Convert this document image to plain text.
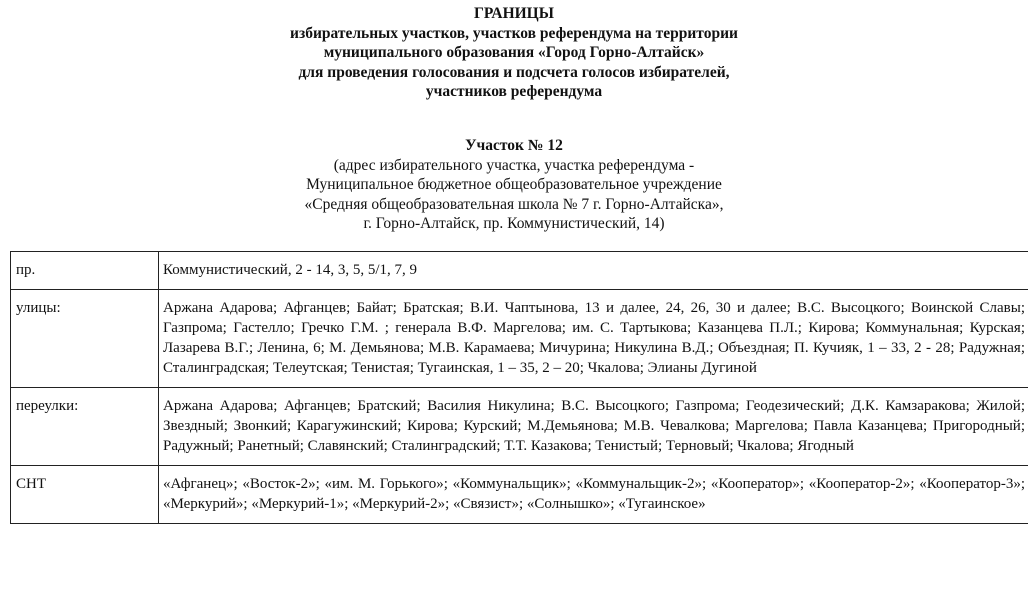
ГРАНИЦЫ
избирательных участков, участков референдума на территории
муниципального образования «Город Горно-Алтайск»
для проведения голосования и подсчета голосов избирателей,
участников референдума
Участок № 12
(адрес избирательного участка, участка референдума -
Муниципальное бюджетное общеобразовательное учреждение
«Средняя общеобразовательная школа № 7 г. Горно-Алтайска»,
г. Горно-Алтайск, пр. Коммунистический, 14)
пр.	Коммунистический, 2 - 14, 3, 5, 5/1, 7, 9
улицы:	Аржана Адарова; Афганцев; Байат; Братская; В.И. Чаптынова, 13 и далее, 24, 26, 30 и далее; В.С. Высоцкого; Воинской Славы; Газпрома; Гастелло; Гречко Г.М. ; генерала В.Ф. Маргелова; им. С. Тартыкова; Казанцева П.Л.; Кирова; Коммунальная; Курская; Лазарева В.Г.; Ленина, 6; М. Демьянова; М.В. Карамаева; Мичурина; Никулина В.Д.; Объездная; П. Кучияк, 1 – 33, 2 - 28; Радужная; Сталинградская; Телеутская; Тенистая; Тугаинская, 1 – 35, 2 – 20; Чкалова; Элианы Дугиной
переулки:	Аржана Адарова; Афганцев; Братский; Василия Никулина; В.С. Высоцкого; Газпрома; Геодезический; Д.К. Камзаракова; Жилой; Звездный; Звонкий; Карагужинский; Кирова; Курский; М.Демьянова; М.В. Чевалкова; Маргелова; Павла Казанцева; Пригородный; Радужный; Ранетный; Славянский; Сталинградский; Т.Т. Казакова; Тенистый; Терновый; Чкалова; Ягодный
СНТ	«Афганец»; «Восток-2»; «им. М. Горького»; «Коммунальщик»; «Коммунальщик-2»; «Кооператор»; «Кооператор-2»; «Кооператор-3»; «Меркурий»; «Меркурий-1»; «Меркурий-2»; «Связист»; «Солнышко»; «Тугаинское»
